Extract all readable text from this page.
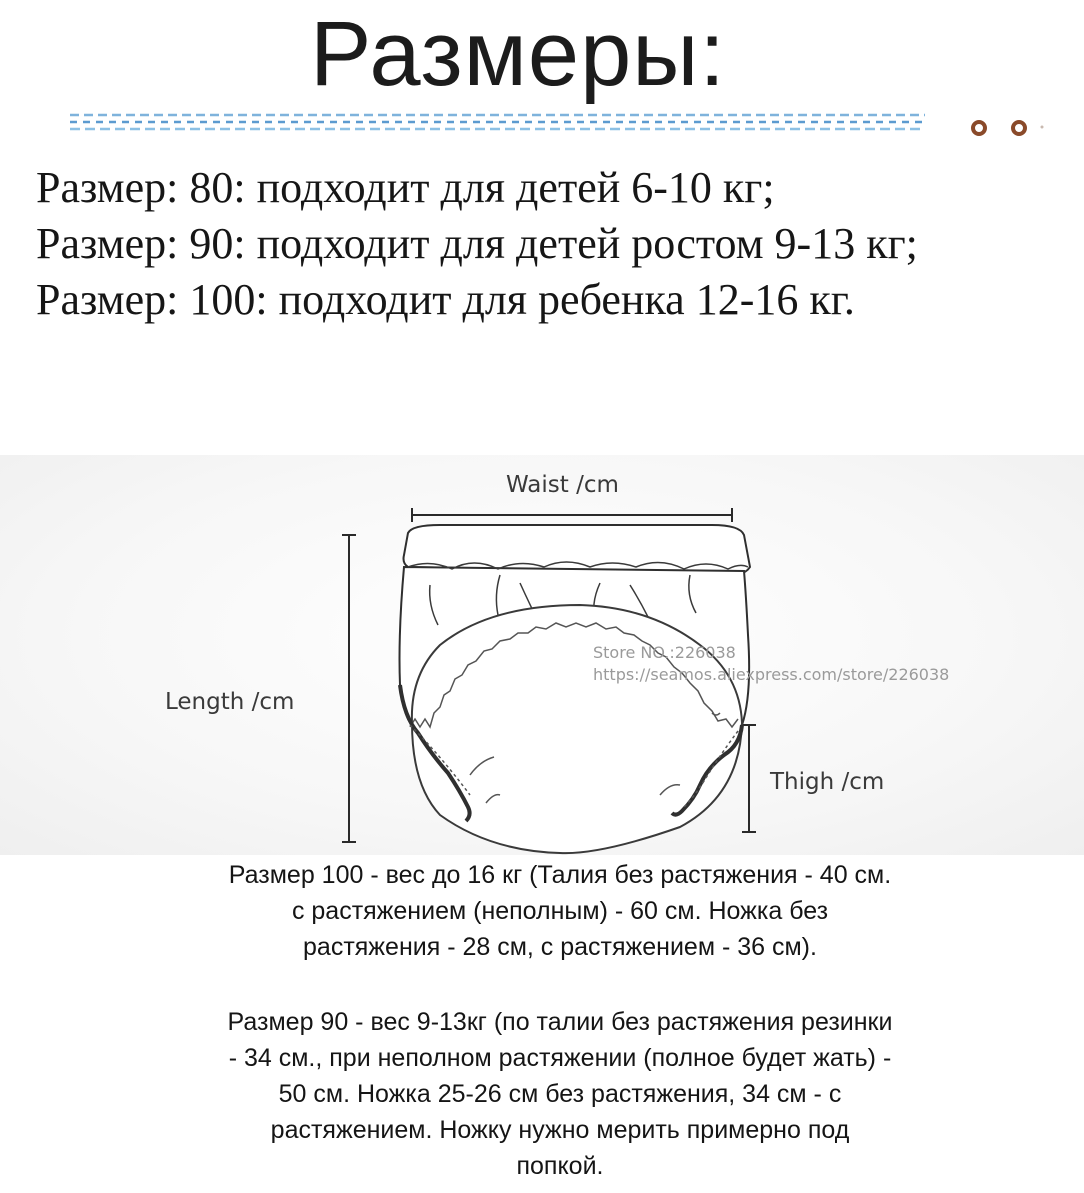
Размеры:
Размер: 80: подходит для детей 6-10 кг;
Размер: 90: подходит для детей ростом 9-13 кг;
Размер: 100: подходит для ребенка 12-16 кг.
Waist /cm
Length /cm
Thigh /cm
Store NO.:226038
https://seamos.aliexpress.com/store/226038
Размер 100 - вес до 16 кг (Талия без растяжения - 40 см.
с растяжением (неполным) - 60 см. Ножка без
растяжения - 28 см, с растяжением - 36 см).
Размер 90 - вес 9-13кг (по талии без растяжения резинки
- 34 см., при неполном растяжении (полное будет жать) -
50 см. Ножка 25-26 см без растяжения, 34 см - с
растяжением. Ножку нужно мерить примерно под
попкой.
